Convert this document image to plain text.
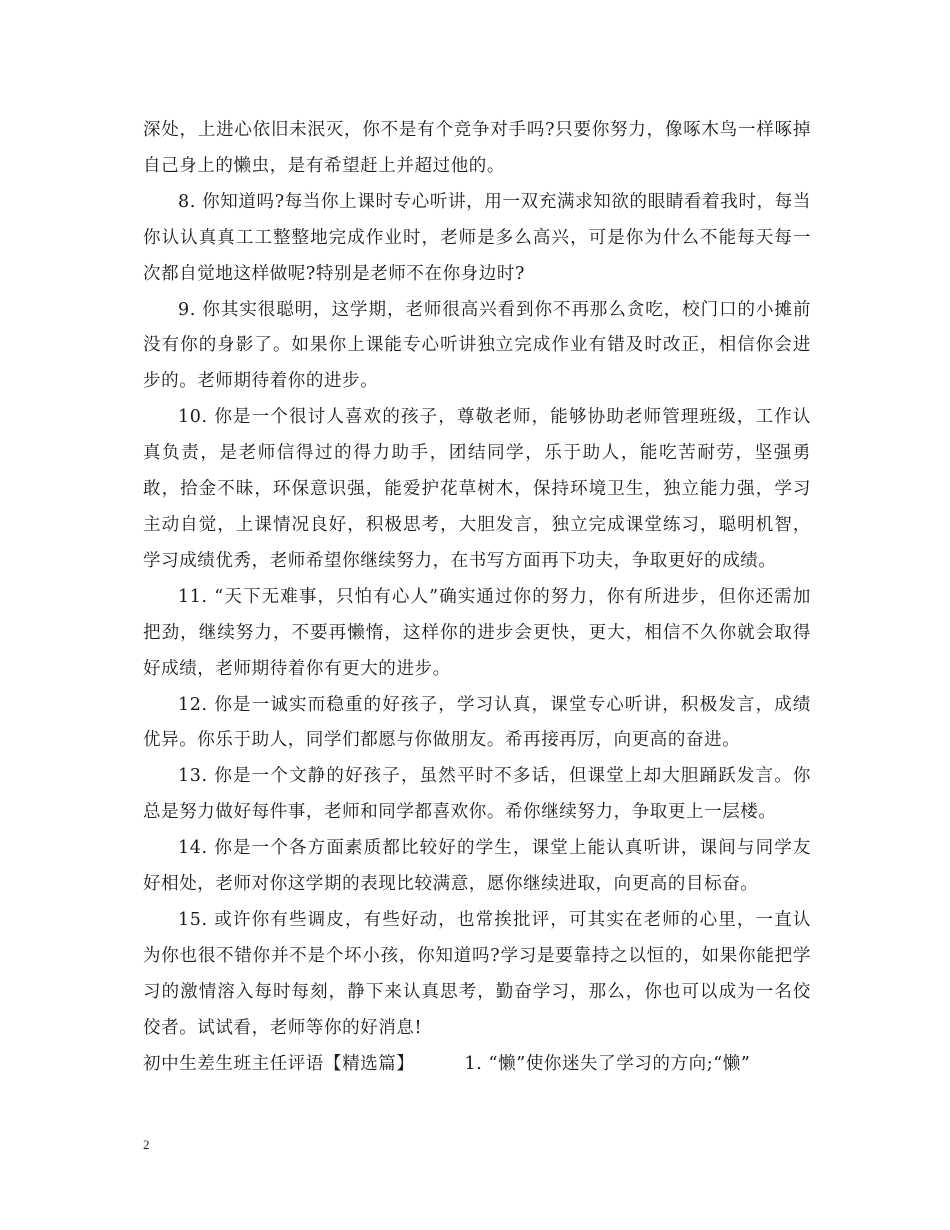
深处，上进心依旧未泯灭，你不是有个竞争对手吗?只要你努力，像啄木鸟一样啄掉自己身上的懒虫，是有希望赶上并超过他的。

8. 你知道吗?每当你上课时专心听讲，用一双充满求知欲的眼睛看着我时，每当你认认真真工工整整地完成作业时，老师是多么高兴，可是你为什么不能每天每一次都自觉地这样做呢?特别是老师不在你身边时?

9. 你其实很聪明，这学期，老师很高兴看到你不再那么贪吃，校门口的小摊前没有你的身影了。如果你上课能专心听讲独立完成作业有错及时改正，相信你会进步的。老师期待着你的进步。

10. 你是一个很讨人喜欢的孩子，尊敬老师，能够协助老师管理班级，工作认真负责，是老师信得过的得力助手，团结同学，乐于助人，能吃苦耐劳，坚强勇敢，拾金不昧，环保意识强，能爱护花草树木，保持环境卫生，独立能力强，学习主动自觉，上课情况良好，积极思考，大胆发言，独立完成课堂练习，聪明机智，学习成绩优秀，老师希望你继续努力，在书写方面再下功夫，争取更好的成绩。

11. “天下无难事，只怕有心人”确实通过你的努力，你有所进步，但你还需加把劲，继续努力，不要再懒惰，这样你的进步会更快，更大，相信不久你就会取得好成绩，老师期待着你有更大的进步。

12. 你是一诚实而稳重的好孩子，学习认真，课堂专心听讲，积极发言，成绩优异。你乐于助人，同学们都愿与你做朋友。希再接再厉，向更高的奋进。

13. 你是一个文静的好孩子，虽然平时不多话，但课堂上却大胆踊跃发言。你总是努力做好每件事，老师和同学都喜欢你。希你继续努力，争取更上一层楼。

14. 你是一个各方面素质都比较好的学生，课堂上能认真听讲，课间与同学友好相处，老师对你这学期的表现比较满意，愿你继续进取，向更高的目标奋。

15. 或许你有些调皮，有些好动，也常挨批评，可其实在老师的心里，一直认为你也很不错你并不是个坏小孩，你知道吗?学习是要靠持之以恒的，如果你能把学习的激情溶入每时每刻，静下来认真思考，勤奋学习，那么，你也可以成为一名佼佼者。试试看，老师等你的好消息!

初中生差生班主任评语【精选篇】	1. “懒”使你迷失了学习的方向;“懒”

2
